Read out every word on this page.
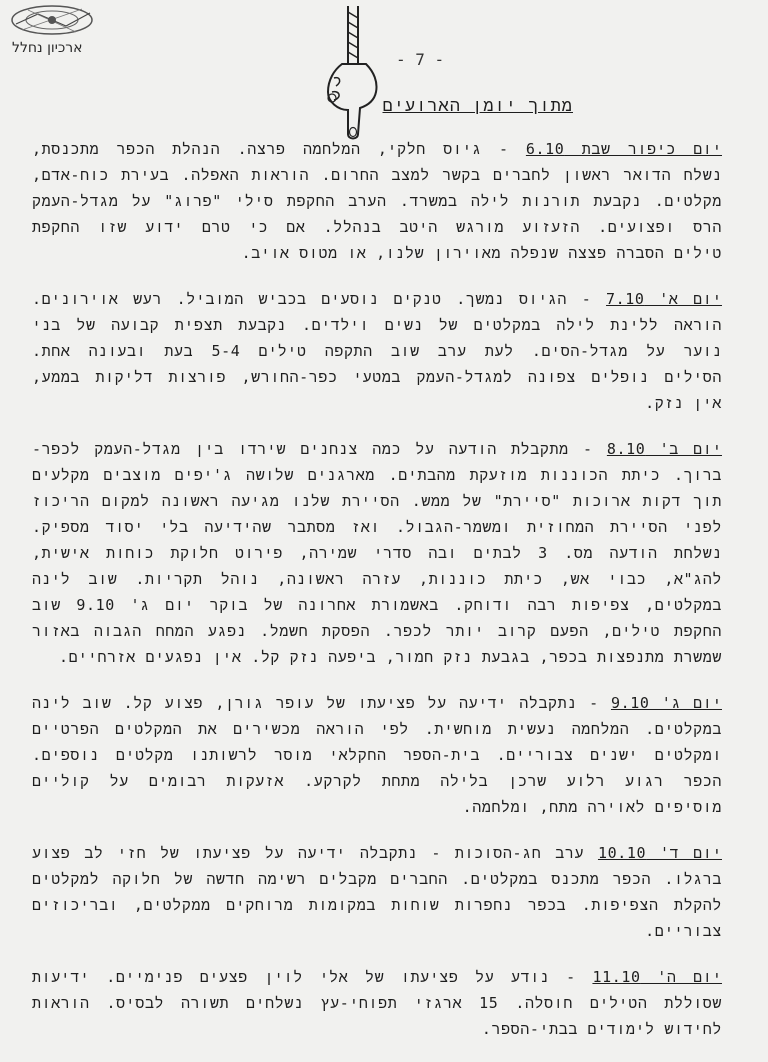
ארכיון נחלל
- 7 -
מתוך יומן הארועים
יום כיפור שבת 6.10 - גיוס חלקי, המלחמה פרצה. הנהלת הכפר מתכנסת,
נשלח הדואר ראשון לחברים בקשר למצב החרום. הוראות האפלה. בעירת כוח-אדם,
מקלטים. נקבעת תורנות לילה במשרד. הערב החקפת סילי "פרוג" על מגדל-העמק
הרס ופצועים. הזעזוע מורגש היטב בנהלל. אם כי טרם ידוע שזו החקפת
טילים הסברה פצצה שנפלה מאוירון שלנו, או מטוס אויב.
יום א' 7.10 - הגיוס נמשך. טנקים נוסעים בכביש המוביל. רעש אוירונים.
הוראה ללינת לילה במקלטים של נשים וילדים. נקבעת תצפית קבועה של בני
נוער על מגדל-הסים. לעת ערב שוב התקפה טילים 5-4 בעת ובעונה אחת.
הסילים נופלים צפונה למגדל-העמק במטעי כפר-החורש, פורצות דליקות בממע,
אין נזק.
יום ב' 8.10 - מתקבלת הודעה על כמה צנחנים שירדו בין מגדל-העמק לכפר-
ברוך. כיתת הכוננות מוזעקת מהבתים. מארגנים שלושה ג'יפים מוצבים מקלעים
תוך דקות ארוכות "סיירת" של ממש. הסיירת שלנו מגיעה ראשונה למקום הריכוז
לפני הסיירת המחוזית ומשמר-הגבול. ואז מסתבר שהידיעה בלי יסוד מספיק.
נשלחת הודעה מס. 3 לבתים ובה סדרי שמירה, פירוט חלוקת כוחות אישית,
להג"א, כבוי אש, כיתת כוננות, עזרה ראשונה, נוהל תקריות. שוב לינה
במקלטים, צפיפות רבה ודוחק. באשמורת אחרונה של בוקר יום ג' 9.10 שוב
החקפת טילים, הפעם קרוב יותר לכפר. הפסקת חשמל. נפגע המחח הגבוה באזור
שמשרת מתנפצות בכפר, בגבעת נזק חמור, ביפעה נזק קל. אין נפגעים אזרחיים.
יום ג' 9.10 - נתקבלה ידיעה על פציעתו של עופר גורן, פצוע קל. שוב לינה
במקלטים. המלחמה נעשית מוחשית. לפי הוראה מכשירים את המקלטים הפרטיים
ומקלטים ישנים צבוריים. בית-הספר החקלאי מוסר לרשותנו מקלטים נוספים.
הכפר רגוע רלוע שרכן בלילה מתחת לקרקע. אזעקות רבומים על קוליים
מוסיפים לאוירה מתח, ומלחמה.
יום ד' 10.10 ערב חג-הסוכות - נתקבלה ידיעה על פציעתו של חזי לב פצוע
ברגלו. הכפר מתכנס במקלטים. החברים מקבלים רשימה חדשה של חלוקה למקלטים
להקלת הצפיפות. בכפר נחפרות שוחות במקומות מרוחקים ממקלטים, ובריכוזים
צבוריים.
יום ה' 11.10 - נודע על פציעתו של אלי לוין פצעים פנימיים. ידיעות
שסוללת הטילים חוסלה. 15 ארגזי תפוחי-עץ נשלחים תשורה לבסיס. הוראות
לחידוש לימודים בבתי-הספר.
